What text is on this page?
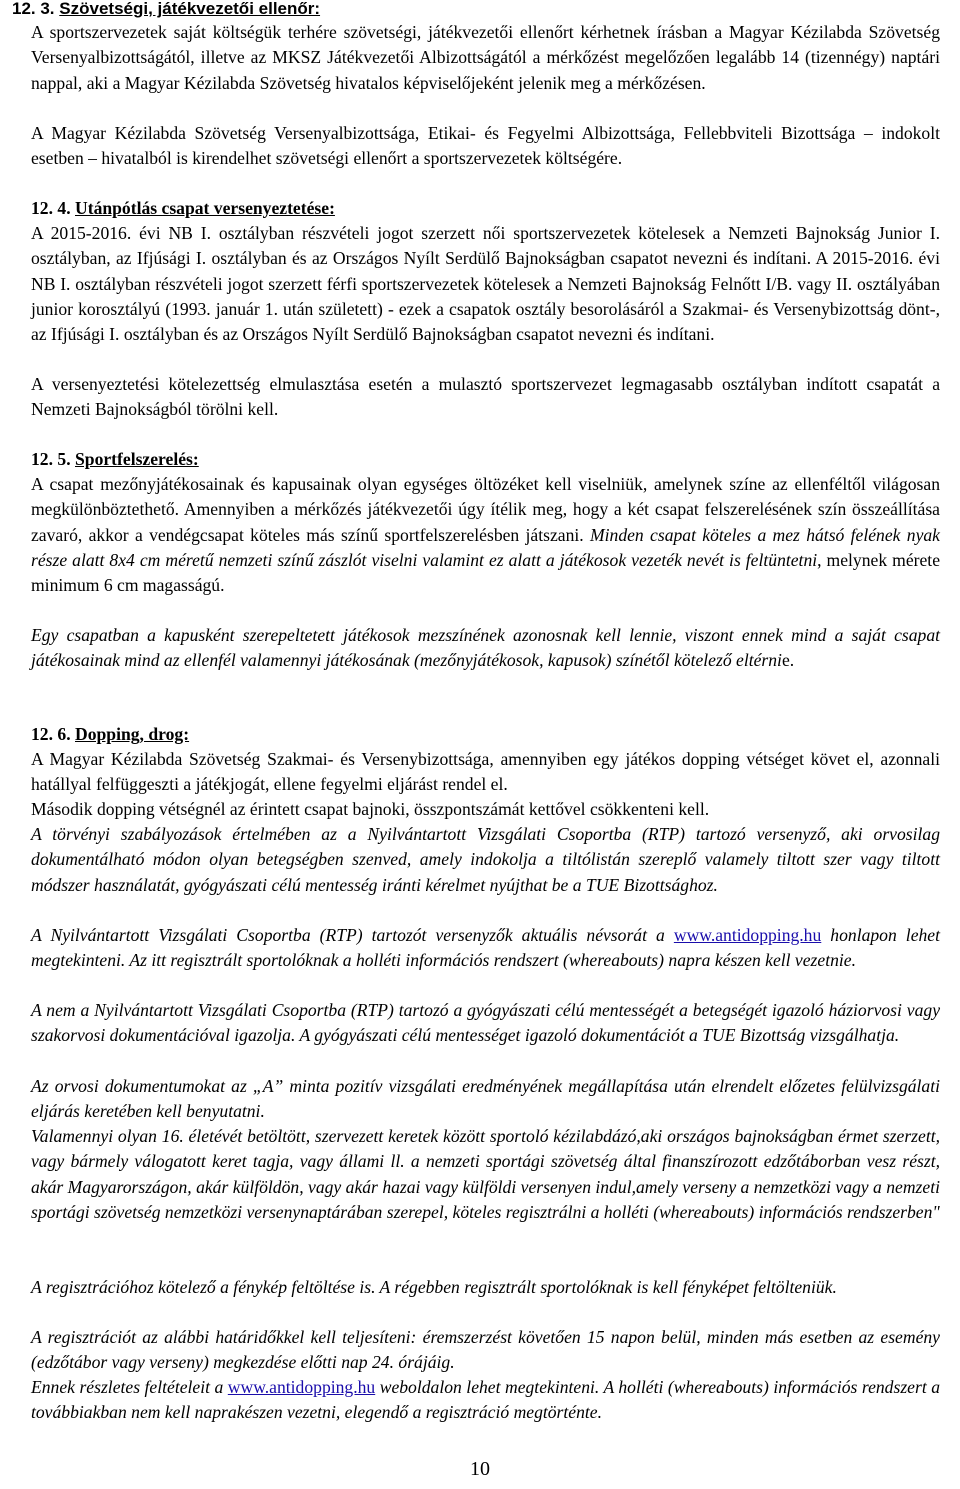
12. 3. Szövetségi, játékvezetői ellenőr:

A sportszervezetek saját költségük terhére szövetségi, játékvezetői ellenőrt kérhetnek írásban a Magyar Kézilabda Szövetség Versenyalbizottságától, illetve az MKSZ Játékvezetői Albizottságától a mérkőzést megelőzően legalább 14 (tizennégy) naptári nappal, aki a Magyar Kézilabda Szövetség hivatalos képviselőjeként jelenik meg a mérkőzésen.

A Magyar Kézilabda Szövetség Versenyalbizottsága, Etikai- és Fegyelmi Albizottsága, Fellebbviteli Bizottsága – indokolt esetben – hivatalból is kirendelhet szövetségi ellenőrt a sportszervezetek költségére.

12. 4. Utánpótlás csapat versenyeztetése:

A 2015-2016. évi NB I. osztályban részvételi jogot szerzett női sportszervezetek kötelesek a Nemzeti Bajnokság Junior I. osztályban, az Ifjúsági I. osztályban és az Országos Nyílt Serdülő Bajnokságban csapatot nevezni és indítani. A 2015-2016. évi NB I. osztályban részvételi jogot szerzett férfi sportszervezetek kötelesek a Nemzeti Bajnokság Felnőtt I/B. vagy II. osztályában junior korosztályú (1993. január 1. után született) - ezek a csapatok osztály besorolásáról a Szakmai- és Versenybizottság dönt-, az Ifjúsági I. osztályban és az Országos Nyílt Serdülő Bajnokságban csapatot nevezni és indítani.

A versenyeztetési kötelezettség elmulasztása esetén a mulasztó sportszervezet legmagasabb osztályban indított csapatát a Nemzeti Bajnokságból törölni kell.

12. 5. Sportfelszerelés:

A csapat mezőnyjátékosainak és kapusainak olyan egységes öltözéket kell viselniük, amelynek színe az ellenféltől világosan megkülönböztethető. Amennyiben a mérkőzés játékvezetői úgy ítélik meg, hogy a két csapat felszerelésének szín összeállítása zavaró, akkor a vendégcsapat köteles más színű sportfelszerelésben játszani. Minden csapat köteles a mez hátsó felének nyak része alatt 8x4 cm méretű nemzeti színű zászlót viselni valamint ez alatt a játékosok vezeték nevét is feltüntetni, melynek mérete minimum 6 cm magasságú.

Egy csapatban a kapusként szerepeltetett játékosok mezszínének azonosnak kell lennie, viszont ennek mind a saját csapat játékosainak mind az ellenfél valamennyi játékosának (mezőnyjátékosok, kapusok) színétől kötelező eltérnie.

12. 6. Dopping, drog:

A Magyar Kézilabda Szövetség Szakmai- és Versenybizottsága, amennyiben egy játékos dopping vétséget követ el, azonnali hatállyal felfüggeszti a játékjogát, ellene fegyelmi eljárást rendel el.

Második dopping vétségnél az érintett csapat bajnoki, összpontszámát kettővel csökkenteni kell.

A törvényi szabályozások értelmében az a Nyilvántartott Vizsgálati Csoportba (RTP) tartozó versenyző, aki orvosilag dokumentálható módon olyan betegségben szenved, amely indokolja a tiltólistán szereplő valamely tiltott szer vagy tiltott módszer használatát, gyógyászati célú mentesség iránti kérelmet nyújthat be a TUE Bizottsághoz.

A Nyilvántartott Vizsgálati Csoportba (RTP) tartozót versenyzők aktuális névsorát a www.antidopping.hu honlapon lehet megtekinteni. Az itt regisztrált sportolóknak a holléti információs rendszert (whereabouts) napra készen kell vezetnie.

A nem a Nyilvántartott Vizsgálati Csoportba (RTP) tartozó a gyógyászati célú mentességét a betegségét igazoló háziorvosi vagy szakorvosi dokumentációval igazolja. A gyógyászati célú mentességet igazoló dokumentációt a TUE Bizottság vizsgálhatja.

Az orvosi dokumentumokat az „A” minta pozitív vizsgálati eredményének megállapítása után elrendelt előzetes felülvizsgálati eljárás keretében kell benyutatni.

Valamennyi olyan 16. életévét betöltött, szervezett keretek között sportoló kézilabdázó,aki országos bajnokságban érmet szerzett, vagy bármely válogatott keret tagja, vagy állami ll. a nemzeti sportági szövetség által finanszírozott edzőtáborban vesz részt, akár Magyarországon, akár külföldön, vagy akár hazai vagy külföldi versenyen indul,amely verseny a nemzetközi vagy a nemzeti sportági szövetség nemzetközi versenynaptárában szerepel, köteles regisztrálni a holléti (whereabouts) információs rendszerben"

A regisztrációhoz kötelező a fénykép feltöltése is. A régebben regisztrált sportolóknak is kell fényképet feltölteniük.

A regisztrációt az alábbi határidőkkel kell teljesíteni: éremszerzést követően 15 napon belül, minden más esetben az esemény (edzőtábor vagy verseny) megkezdése előtti nap 24. órájáig.

Ennek részletes feltételeit a www.antidopping.hu weboldalon lehet megtekinteni. A holléti (whereabouts) információs rendszert a továbbiakban nem kell naprakészen vezetni, elegendő a regisztráció megtörténte.

10
